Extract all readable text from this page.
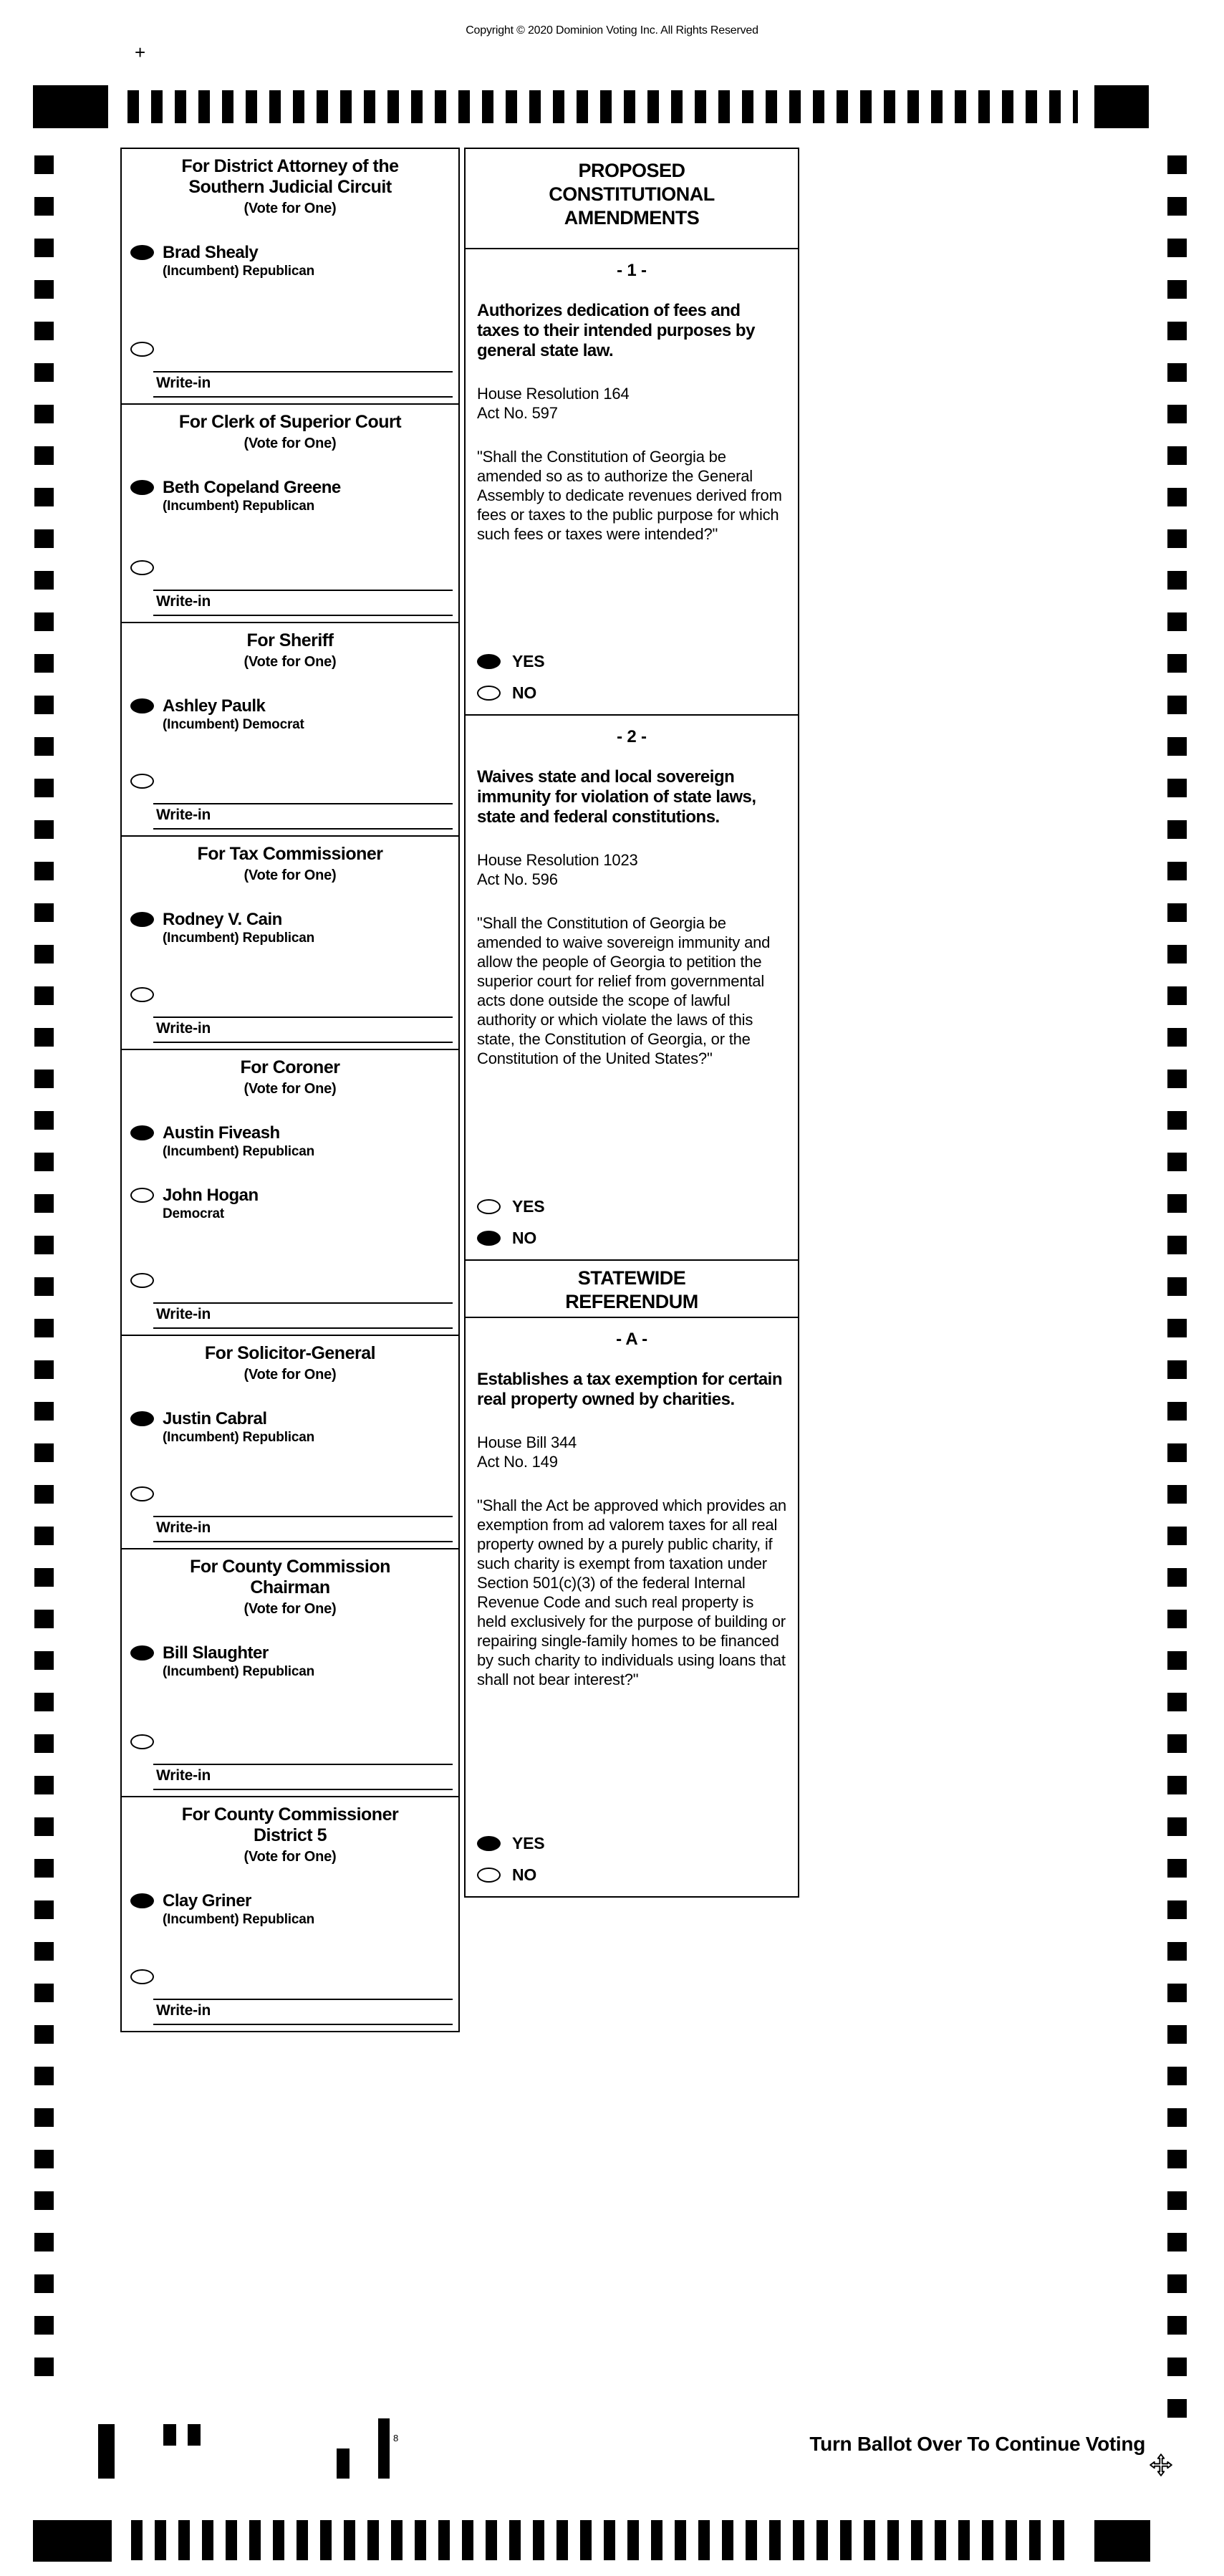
Copyright © 2020 Dominion Voting Inc. All Rights Reserved
+
For District Attorney of the
Southern Judicial Circuit
(Vote for One)
Brad Shealy
(Incumbent) Republican
Write-in
For Clerk of Superior Court
(Vote for One)
Beth Copeland Greene
(Incumbent) Republican
Write-in
For Sheriff
(Vote for One)
Ashley Paulk
(Incumbent) Democrat
Write-in
For Tax Commissioner
(Vote for One)
Rodney V. Cain
(Incumbent) Republican
Write-in
For Coroner
(Vote for One)
Austin Fiveash
(Incumbent) Republican
John Hogan
Democrat
Write-in
For Solicitor-General
(Vote for One)
Justin Cabral
(Incumbent) Republican
Write-in
For County Commission
Chairman
(Vote for One)
Bill Slaughter
(Incumbent) Republican
Write-in
For County Commissioner
District 5
(Vote for One)
Clay Griner
(Incumbent) Republican
Write-in
PROPOSED
CONSTITUTIONAL
AMENDMENTS
- 1 -
Authorizes dedication of fees and taxes to their intended purposes by general state law.
House Resolution 164
Act No. 597
"Shall the Constitution of Georgia be amended so as to authorize the General Assembly to dedicate revenues derived from fees or taxes to the public purpose for which such fees or taxes were intended?"
YES
NO
- 2 -
Waives state and local sovereign immunity for violation of state laws, state and federal constitutions.
House Resolution 1023
Act No. 596
"Shall the Constitution of Georgia be amended to waive sovereign immunity and allow the people of Georgia to petition the superior court for relief from governmental acts done outside the scope of lawful authority or which violate the laws of this state, the Constitution of Georgia, or the Constitution of the United States?"
YES
NO
STATEWIDE
REFERENDUM
- A -
Establishes a tax exemption for certain real property owned by charities.
House Bill 344
Act No. 149
"Shall the Act be approved which provides an exemption from ad valorem taxes for all real property owned by a purely public charity, if such charity is exempt from taxation under Section 501(c)(3) of the federal Internal Revenue Code and such real property is held exclusively for the purpose of building or repairing single-family homes to be financed by such charity to individuals using loans that shall not bear interest?"
YES
NO
8	Turn Ballot Over To Continue Voting
